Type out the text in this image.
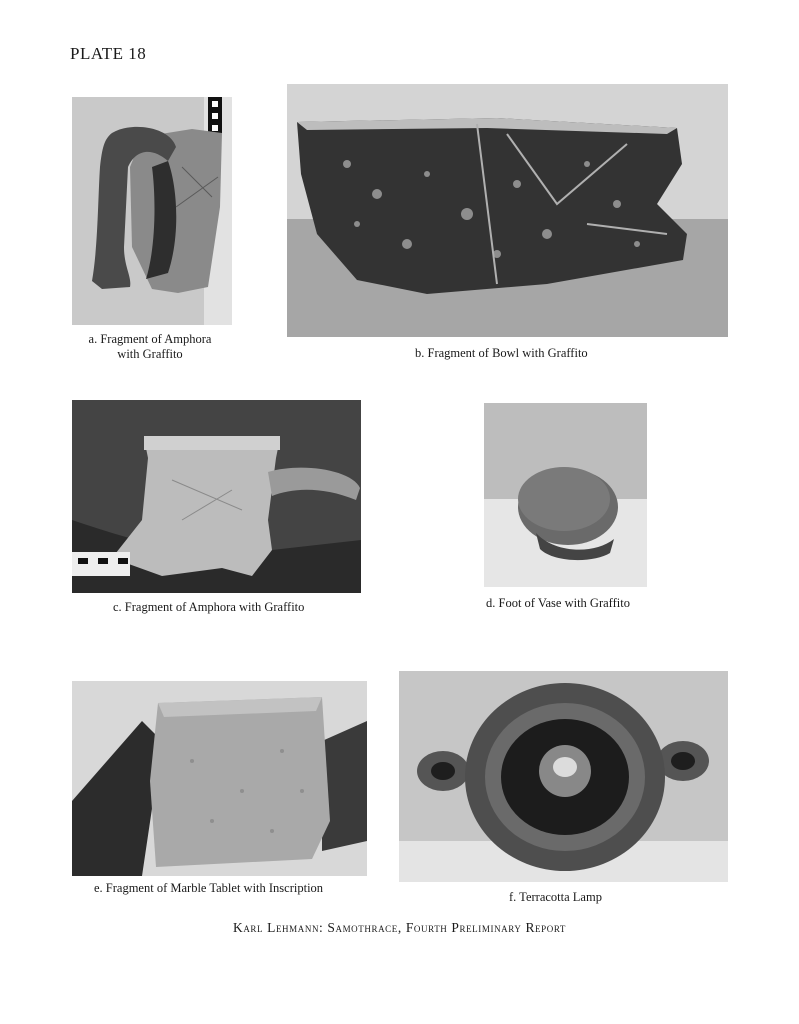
PLATE 18
a. Fragment of Amphora
with Graffito	b. Fragment of Bowl with Graffito
c. Fragment of Amphora with Graffito	d. Foot of Vase with Graffito
e. Fragment of Marble Tablet with Inscription
f. Terracotta Lamp
Karl Lehmann: Samothrace, Fourth Preliminary Report
